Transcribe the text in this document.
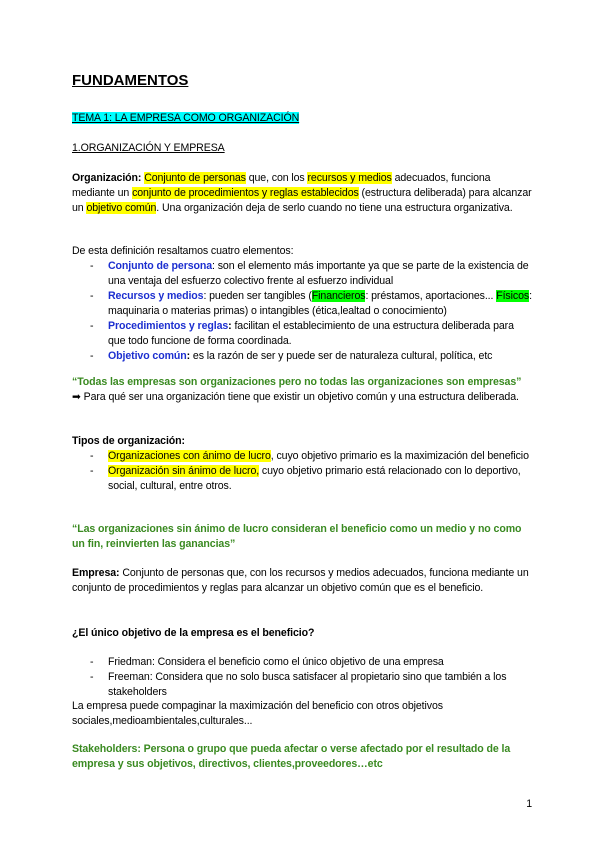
FUNDAMENTOS
TEMA 1: LA EMPRESA COMO ORGANIZACIÓN
1.ORGANIZACIÓN Y EMPRESA
Organización: Conjunto de personas que, con los recursos y medios adecuados, funciona mediante un conjunto de procedimientos y reglas establecidos (estructura deliberada) para alcanzar un objetivo común. Una organización deja de serlo cuando no tiene una estructura organizativa.
De esta definición resaltamos cuatro elementos:
- Conjunto de persona: son el elemento más importante ya que se parte de la existencia de una ventaja del esfuerzo colectivo frente al esfuerzo individual
- Recursos y medios: pueden ser tangibles (Financieros: préstamos, aportaciones... Físicos: maquinaria o materias primas) o intangibles (ética,lealtad o conocimiento)
- Procedimientos y reglas: facilitan el establecimiento de una estructura deliberada para que todo funcione de forma coordinada.
- Objetivo común: es la razón de ser y puede ser de naturaleza cultural, política, etc
“Todas las empresas son organizaciones pero no todas las organizaciones son empresas” ➡ Para qué ser una organización tiene que existir un objetivo común y una estructura deliberada.
Tipos de organización:
- Organizaciones con ánimo de lucro, cuyo objetivo primario es la maximización del beneficio
- Organización sin ánimo de lucro, cuyo objetivo primario está relacionado con lo deportivo, social, cultural, entre otros.
“Las organizaciones sin ánimo de lucro consideran el beneficio como un medio y no como un fin, reinvierten las ganancias”
Empresa: Conjunto de personas que, con los recursos y medios adecuados, funciona mediante un conjunto de procedimientos y reglas para alcanzar un objetivo común que es el beneficio.
¿El único objetivo de la empresa es el beneficio?
- Friedman: Considera el beneficio como el único objetivo de una empresa
- Freeman: Considera que no solo busca satisfacer al propietario sino que también a los stakeholders
La empresa puede compaginar la maximización del beneficio con otros objetivos sociales,medioambientales,culturales...
Stakeholders: Persona o grupo que pueda afectar o verse afectado por el resultado de la empresa y sus objetivos, directivos, clientes,proveedores…etc
1
